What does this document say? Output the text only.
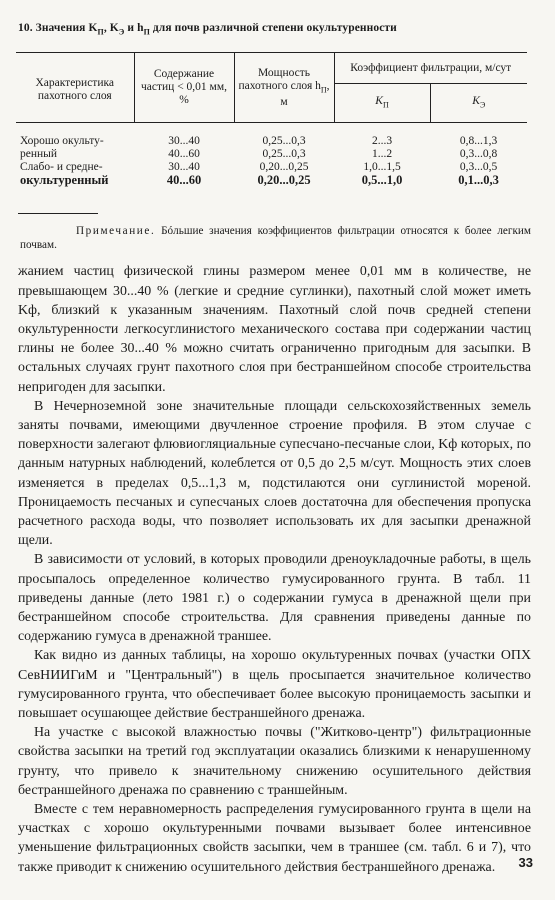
10. Значения $K_П$, $K_Э$ и $h_П$ для почв различной степени окультуренности
Характеристика пахотного слоя	Содержание частиц < 0,01 мм, %	Мощность пахотного слоя $h_П$, м	Коэффициент фильтрации, м/сут	
			$K_П$	$K_Э$

Хорошо окульту-	30...40	0,25...0,3	2...3	0,8...1,3
ренный	40...60	0,25...0,3	1...2	0,3...0,8
Слабо- и средне-	30...40	0,20...0,25	1,0...1,5	0,3...0,5
окультуренный	40...60	0,20...0,25	0,5...1,0	0,1...0,3
Примечание. Бóльшие значения коэффициентов фильтрации относятся к более легким почвам.

жанием частиц физической глины размером менее 0,01 мм в количестве, не превышающем 30...40 % (легкие и средние суглинки), пахотный слой может иметь Kф, близкий к указанным значениям. Пахотный слой почв средней степени окультуренности легкосуглинистого механического состава при содержании частиц глины не более 30...40 % можно считать ограниченно пригодным для засыпки. В остальных случаях грунт пахотного слоя при бестраншейном способе строительства непригоден для засыпки.

В Нечерноземной зоне значительные площади сельскохозяйственных земель заняты почвами, имеющими двучленное строение профиля. В этом случае с поверхности залегают флювиогляциальные супесчано-песчаные слои, Kф которых, по данным натурных наблюдений, колеблется от 0,5 до 2,5 м/сут. Мощность этих слоев изменяется в пределах 0,5...1,3 м, подстилаются они суглинистой мореной. Проницаемость песчаных и супесчаных слоев достаточна для обеспечения пропуска расчетного расхода воды, что позволяет использовать их для засыпки дренажной щели.

В зависимости от условий, в которых проводили дреноукладочные работы, в щель просыпалось определенное количество гумусированного грунта. В табл. 11 приведены данные (лето 1981 г.) о содержании гумуса в дренажной щели при бестраншейном способе строительства. Для сравнения приведены данные по содержанию гумуса в дренажной траншее.

Как видно из данных таблицы, на хорошо окультуренных почвах (участки ОПХ СевНИИГиМ и "Центральный") в щель просыпается значительное количество гумусированного грунта, что обеспечивает более высокую проницаемость засыпки и повышает осушающее действие бестраншейного дренажа.

На участке с высокой влажностью почвы ("Житково-центр") фильтрационные свойства засыпки на третий год эксплуатации оказались близкими к ненарушенному грунту, что привело к значительному снижению осушительного действия бестраншейного дренажа по сравнению с траншейным.

Вместе с тем неравномерность распределения гумусированного грунта в щели на участках с хорошо окультуренными почвами вызывает более интенсивное уменьшение фильтрационных свойств засыпки, чем в траншее (см. табл. 6 и 7), что также приводит к снижению осушительного действия бестраншейного дренажа.	33
